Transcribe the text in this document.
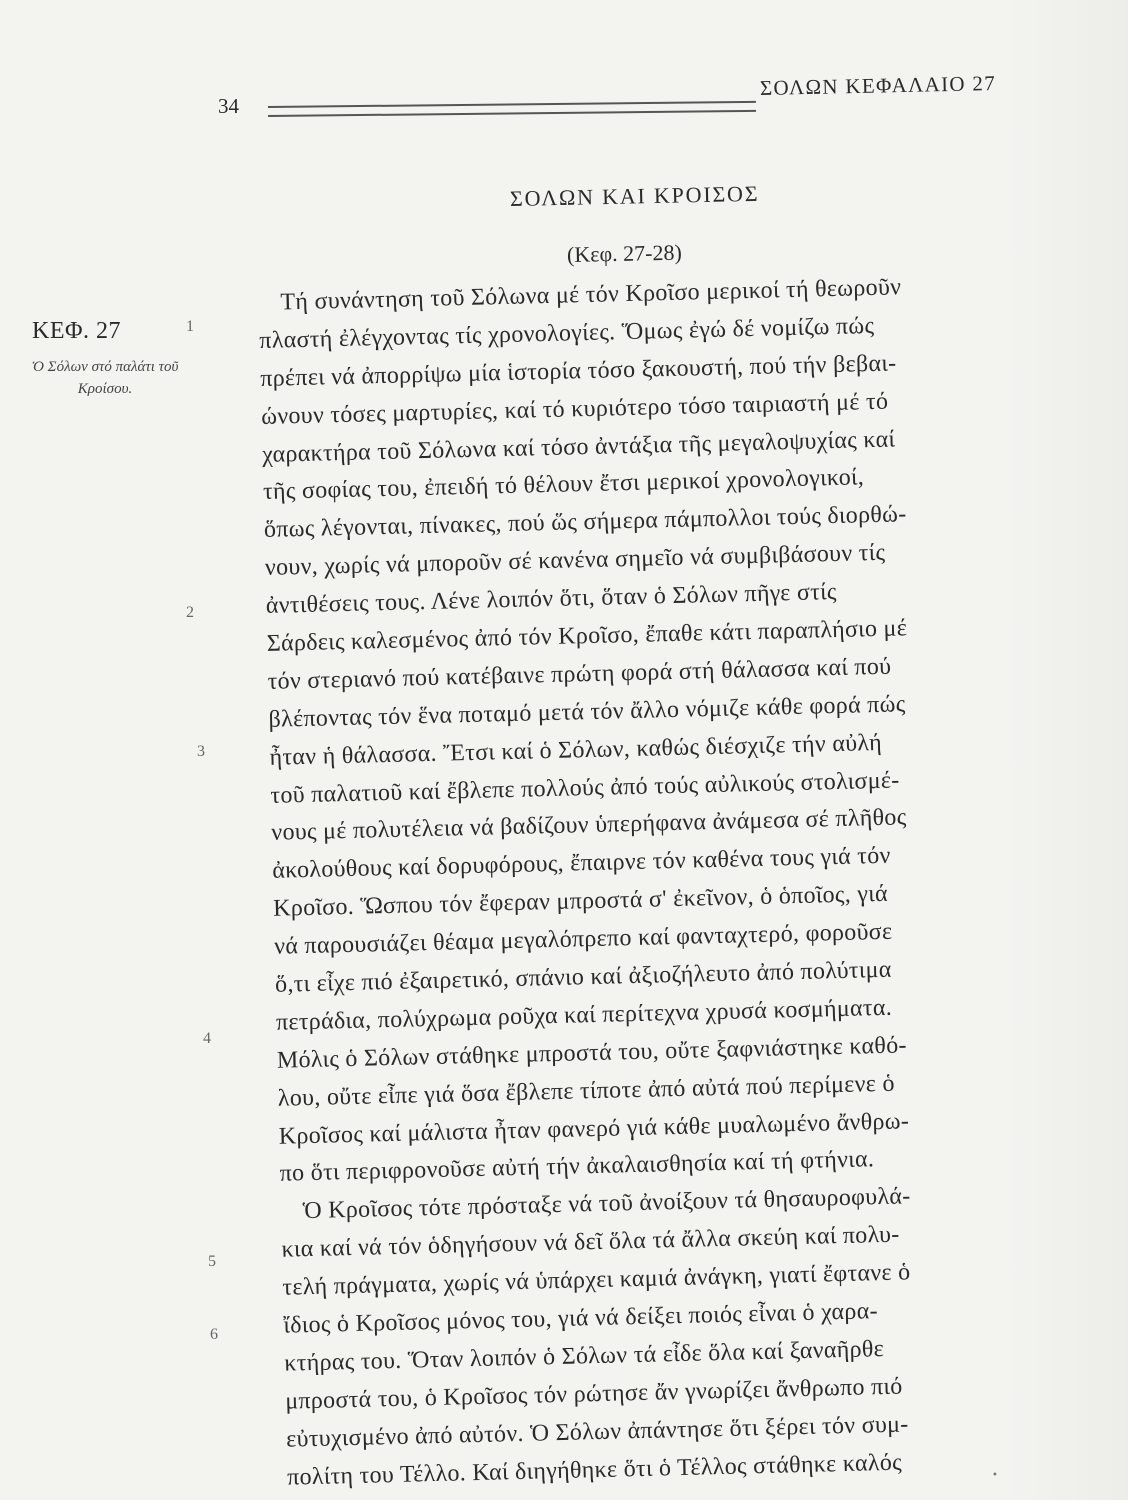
34
ΣΟΛΩΝ ΚΕΦΑΛΑΙΟ 27
ΣΟΛΩΝ ΚΑΙ ΚΡΟΙΣΟΣ
(Κεφ. 27-28)
ΚΕΦ. 27
Ὁ Σόλων στό παλάτι τοῦ Κροίσου.
1
2
3
4
5
6
Τή συνάντηση τοῦ Σόλωνα μέ τόν Κροῖσο μερικοί τή θεωροῦν
πλαστή ἐλέγχοντας τίς χρονολογίες. Ὅμως ἐγώ δέ νομίζω πώς
πρέπει νά ἀπορρίψω μία ἱστορία τόσο ξακουστή, πού τήν βεβαι-
ώνουν τόσες μαρτυρίες, καί τό κυριότερο τόσο ταιριαστή μέ τό
χαρακτήρα τοῦ Σόλωνα καί τόσο ἀντάξια τῆς μεγαλοψυχίας καί
τῆς σοφίας του, ἐπειδή τό θέλουν ἔτσι μερικοί χρονολογικοί,
ὅπως λέγονται, πίνακες, πού ὥς σήμερα πάμπολλοι τούς διορθώ-
νουν, χωρίς νά μποροῦν σέ κανένα σημεῖο νά συμβιβάσουν τίς
ἀντιθέσεις τους. Λένε λοιπόν ὅτι, ὅταν ὁ Σόλων πῆγε στίς
Σάρδεις καλεσμένος ἀπό τόν Κροῖσο, ἔπαθε κάτι παραπλήσιο μέ
τόν στεριανό πού κατέβαινε πρώτη φορά στή θάλασσα καί πού
βλέποντας τόν ἕνα ποταμό μετά τόν ἄλλο νόμιζε κάθε φορά πώς
ἦταν ἡ θάλασσα. Ἔτσι καί ὁ Σόλων, καθώς διέσχιζε τήν αὐλή
τοῦ παλατιοῦ καί ἔβλεπε πολλούς ἀπό τούς αὐλικούς στολισμέ-
νους μέ πολυτέλεια νά βαδίζουν ὑπερήφανα ἀνάμεσα σέ πλῆθος
ἀκολούθους καί δορυφόρους, ἔπαιρνε τόν καθένα τους γιά τόν
Κροῖσο. Ὥσπου τόν ἔφεραν μπροστά σ' ἐκεῖνον, ὁ ὁποῖος, γιά
νά παρουσιάζει θέαμα μεγαλόπρεπο καί φανταχτερό, φοροῦσε
ὅ,τι εἶχε πιό ἐξαιρετικό, σπάνιο καί ἀξιοζήλευτο ἀπό πολύτιμα
πετράδια, πολύχρωμα ροῦχα καί περίτεχνα χρυσά κοσμήματα.
Μόλις ὁ Σόλων στάθηκε μπροστά του, οὔτε ξαφνιάστηκε καθό-
λου, οὔτε εἶπε γιά ὅσα ἔβλεπε τίποτε ἀπό αὐτά πού περίμενε ὁ
Κροῖσος καί μάλιστα ἦταν φανερό γιά κάθε μυαλωμένο ἄνθρω-
πο ὅτι περιφρονοῦσε αὐτή τήν ἀκαλαισθησία καί τή φτήνια.
Ὁ Κροῖσος τότε πρόσταξε νά τοῦ ἀνοίξουν τά θησαυροφυλά-
κια καί νά τόν ὁδηγήσουν νά δεῖ ὅλα τά ἄλλα σκεύη καί πολυ-
τελή πράγματα, χωρίς νά ὑπάρχει καμιά ἀνάγκη, γιατί ἔφτανε ὁ
ἴδιος ὁ Κροῖσος μόνος του, γιά νά δείξει ποιός εἶναι ὁ χαρα-
κτήρας του. Ὅταν λοιπόν ὁ Σόλων τά εἶδε ὅλα καί ξαναῆρθε
μπροστά του, ὁ Κροῖσος τόν ρώτησε ἄν γνωρίζει ἄνθρωπο πιό
εὐτυχισμένο ἀπό αὐτόν. Ὁ Σόλων ἀπάντησε ὅτι ξέρει τόν συμ-
πολίτη του Τέλλο. Καί διηγήθηκε ὅτι ὁ Τέλλος στάθηκε καλός	•
